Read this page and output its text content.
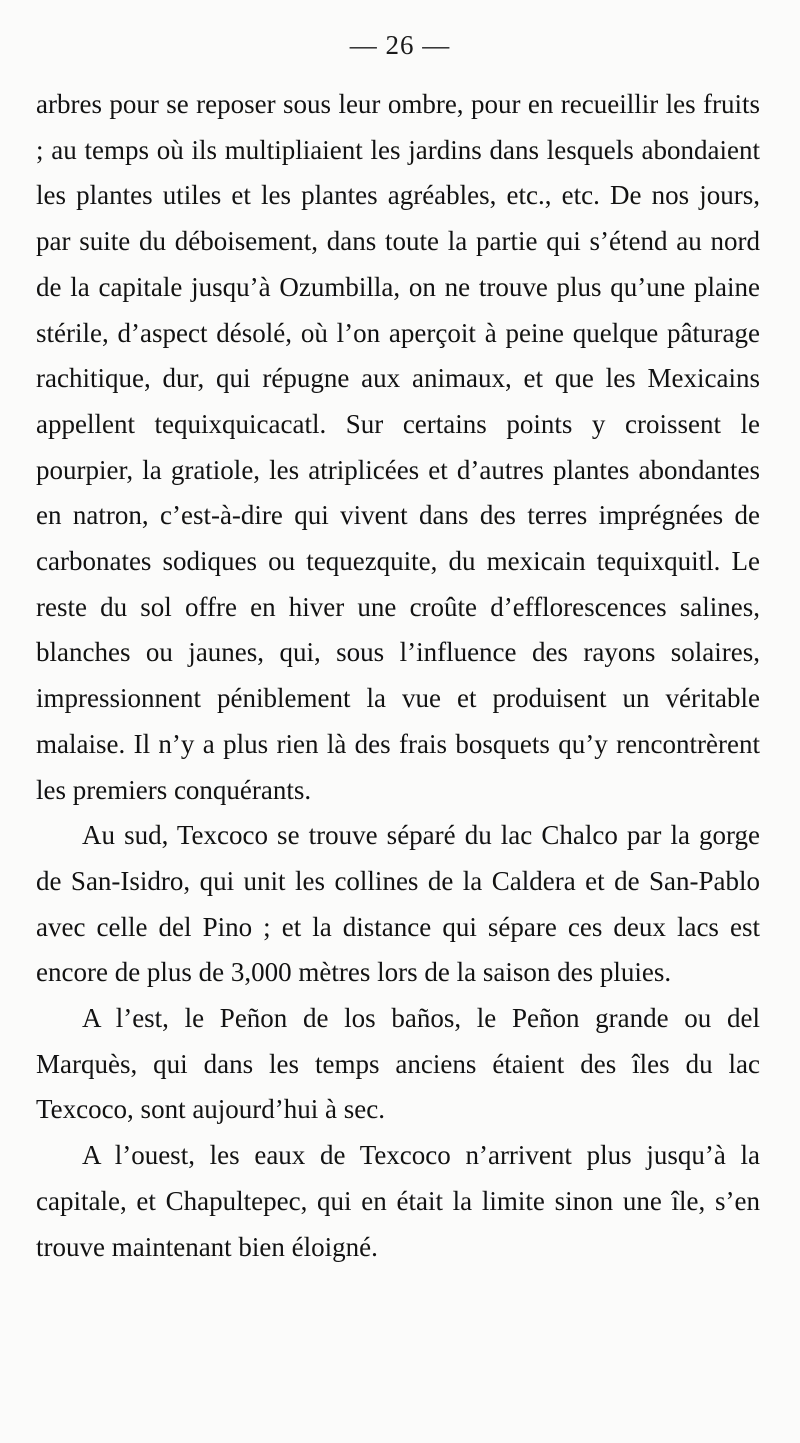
— 26 —

arbres pour se reposer sous leur ombre, pour en recueillir les fruits ; au temps où ils multipliaient les jardins dans lesquels abondaient les plantes utiles et les plantes agréables, etc., etc. De nos jours, par suite du déboisement, dans toute la partie qui s’étend au nord de la capitale jusqu’à Ozumbilla, on ne trouve plus qu’une plaine stérile, d’aspect désolé, où l’on aperçoit à peine quelque pâturage rachitique, dur, qui répugne aux animaux, et que les Mexicains appellent tequixquicacatl. Sur certains points y croissent le pourpier, la gratiole, les atriplicées et d’autres plantes abondantes en natron, c’est-à-dire qui vivent dans des terres imprégnées de carbonates sodiques ou tequezquite, du mexicain tequixquitl. Le reste du sol offre en hiver une croûte d’efflorescences salines, blanches ou jaunes, qui, sous l’influence des rayons solaires, impressionnent péniblement la vue et produisent un véritable malaise. Il n’y a plus rien là des frais bosquets qu’y rencontrèrent les premiers conquérants.

Au sud, Texcoco se trouve séparé du lac Chalco par la gorge de San-Isidro, qui unit les collines de la Caldera et de San-Pablo avec celle del Pino ; et la distance qui sépare ces deux lacs est encore de plus de 3,000 mètres lors de la saison des pluies.

A l’est, le Peñon de los baños, le Peñon grande ou del Marquès, qui dans les temps anciens étaient des îles du lac Texcoco, sont aujourd’hui à sec.

A l’ouest, les eaux de Texcoco n’arrivent plus jusqu’à la capitale, et Chapultepec, qui en était la limite sinon une île, s’en trouve maintenant bien éloigné.
